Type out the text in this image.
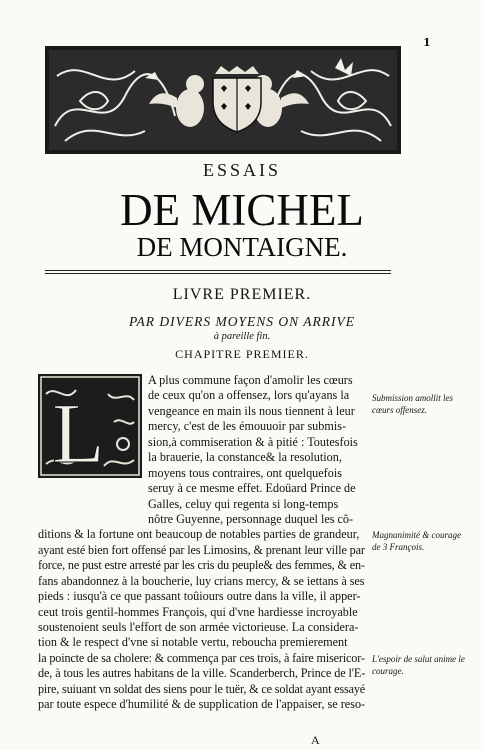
1
ESSAIS
DE MICHEL
DE MONTAIGNE.
LIVRE PREMIER.
PAR DIVERS MOYENS ON ARRIVE
à pareille fin.
CHAPITRE PREMIER.
L
A plus commune façon d'amolir les cœurs
de ceux qu'on a offensez, lors qu'ayans la
vengeance en main ils nous tiennent à leur
mercy, c'est de les émouuoir par submis-
sion,à commiseration & à pitié : Toutesfois
la brauerie, la constance& la resolution,
moyens tous contraires, ont quelquefois
seruy à ce mesme effet. Edoüard Prince de
Galles, celuy qui regenta si long-temps
nôtre Guyenne, personnage duquel les cõ-
ditions & la fortune ont beaucoup de notables parties de grandeur,
ayant esté bien fort offensé par les Limosins, & prenant leur ville par
force, ne pust estre arresté par les cris du peuple& des femmes, & en-
fans abandonnez à la boucherie, luy crians mercy, & se iettans à ses
pieds : iusqu'à ce que passant toûiours outre dans la ville, il apper-
ceut trois gentil-hommes François, qui d'vne hardiesse incroyable
soustenoient seuls l'effort de son armée victorieuse. La considera-
tion & le respect d'vne si notable vertu, reboucha premierement
la poincte de sa cholere: & commença par ces trois, à faire misericor-
de, à tous les autres habitans de la ville. Scanderberch, Prince de l'E-
pire, suiuant vn soldat des siens pour le tuër, & ce soldat ayant essayé
par toute espece d'humilité & de supplication de l'appaiser, se reso-
A
Submission amollit les cœurs offensez.
Magnanimité & courage de 3 François.
L'espoir de salut anime le courage.
